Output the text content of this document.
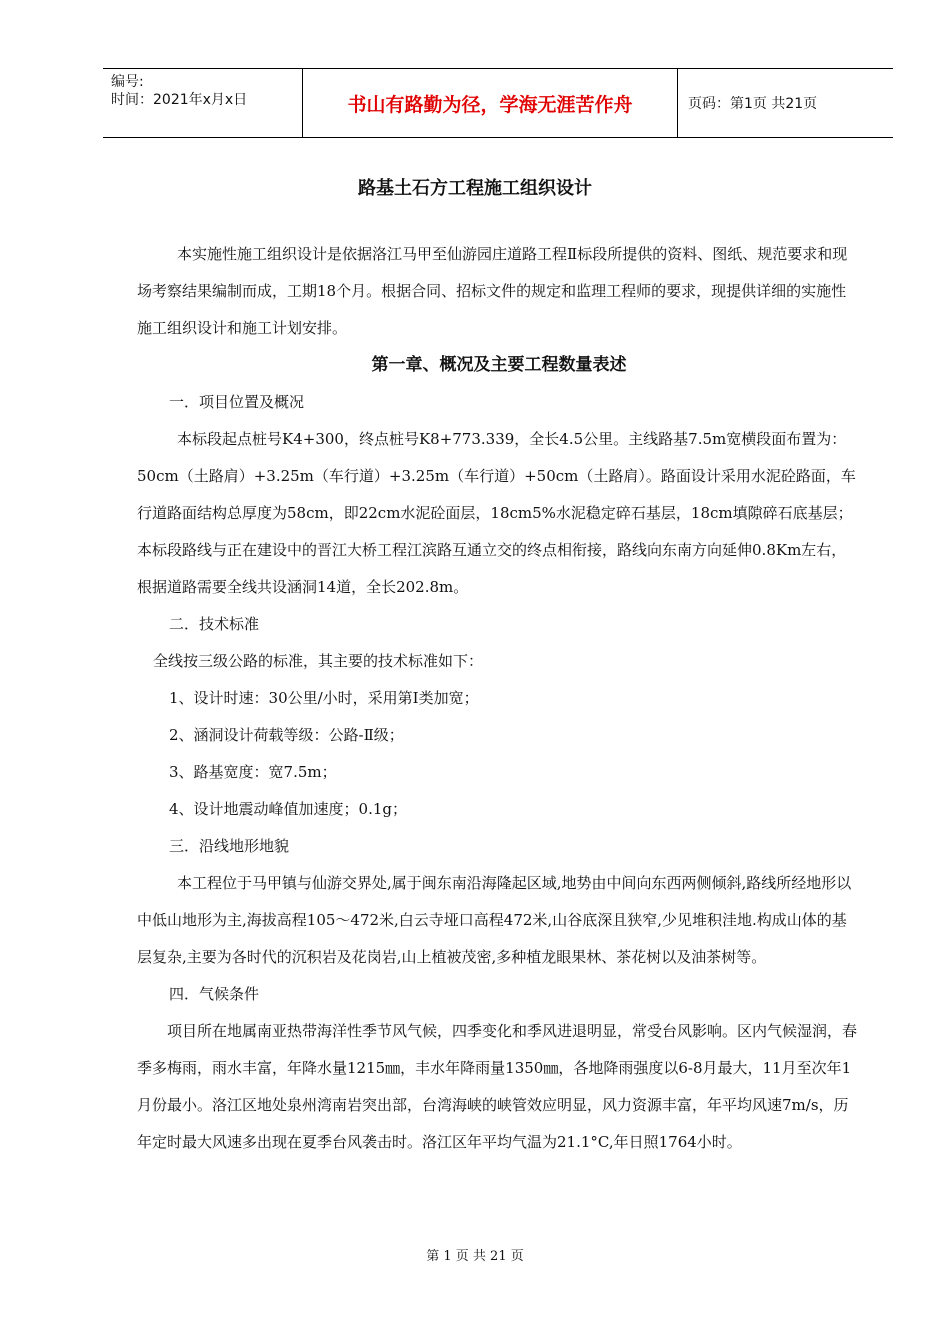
编号:
时间：2021年x月x日	书山有路勤为径，学海无涯苦作舟	页码：第1页 共21页
路基土石方工程施工组织设计

本实施性施工组织设计是依据洛江马甲至仙游园庄道路工程Ⅱ标段所提供的资料、图纸、规范要求和现场考察结果编制而成，工期18个月。根据合同、招标文件的规定和监理工程师的要求，现提供详细的实施性施工组织设计和施工计划安排。

第一章、概况及主要工程数量表述

一．项目位置及概况

本标段起点桩号K4+300，终点桩号K8+773.339，全长4.5公里。主线路基7.5m宽横段面布置为：50cm（土路肩）+3.25m（车行道）+3.25m（车行道）+50cm（土路肩）。路面设计采用水泥砼路面，车行道路面结构总厚度为58cm，即22cm水泥砼面层，18cm5%水泥稳定碎石基层，18cm填隙碎石底基层；本标段路线与正在建设中的晋江大桥工程江滨路互通立交的终点相衔接，路线向东南方向延伸0.8Km左右，根据道路需要全线共设涵洞14道，全长202.8m。

二．技术标准

全线按三级公路的标准，其主要的技术标准如下：

1、设计时速：30公里/小时，采用第Ⅰ类加宽；

2、涵洞设计荷载等级：公路-Ⅱ级；

3、路基宽度：宽7.5m；

4、设计地震动峰值加速度；0.1g；

三．沿线地形地貌

本工程位于马甲镇与仙游交界处,属于闽东南沿海隆起区域,地势由中间向东西两侧倾斜,路线所经地形以中低山地形为主,海拔高程105～472米,白云寺垭口高程472米,山谷底深且狭窄,少见堆积洼地.构成山体的基层复杂,主要为各时代的沉积岩及花岗岩,山上植被茂密,多种植龙眼果林、茶花树以及油茶树等。

四．气候条件

项目所在地属南亚热带海洋性季节风气候，四季变化和季风进退明显，常受台风影响。区内气候湿润，春季多梅雨，雨水丰富，年降水量1215㎜，丰水年降雨量1350㎜，各地降雨强度以6-8月最大，11月至次年1月份最小。洛江区地处泉州湾南岩突出部，台湾海峡的峡管效应明显，风力资源丰富，年平均风速7m/s，历年定时最大风速多出现在夏季台风袭击时。洛江区年平均气温为21.1°C,年日照1764小时。

第 1 页 共 21 页
